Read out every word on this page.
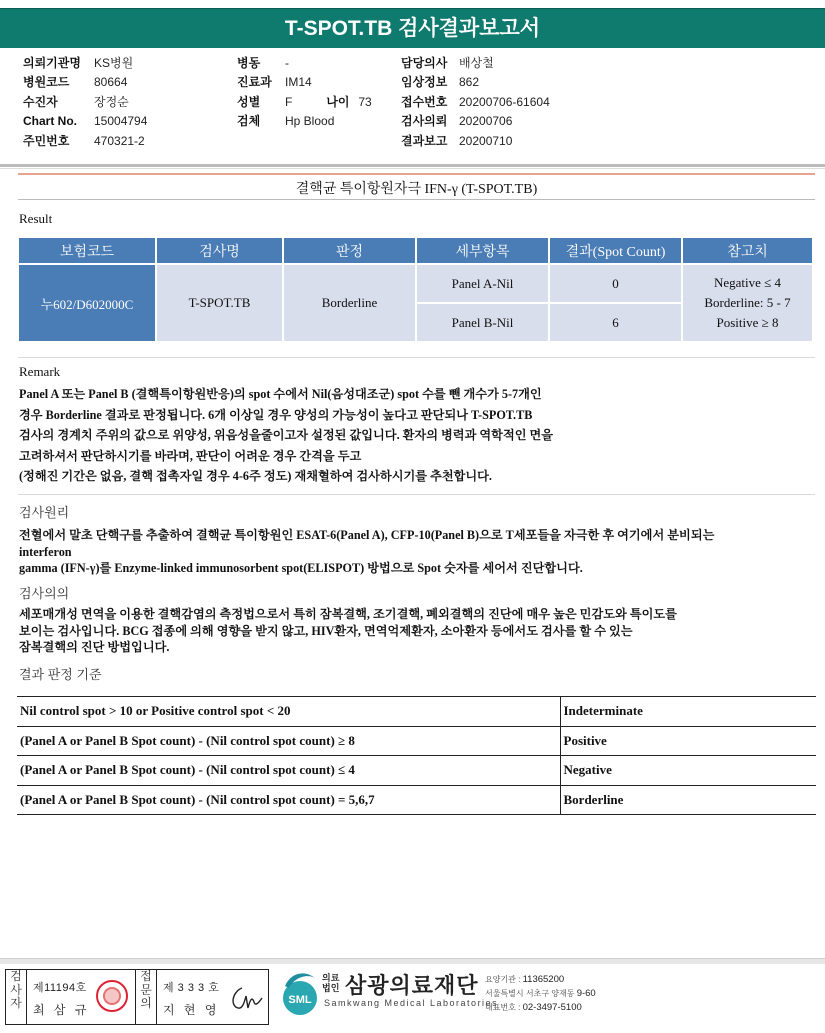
T-SPOT.TB 검사결과보고서
의뢰기관명 KS병원
병원코드 80664
수진자	장정순
Chart No. 15004794
주민번호 470321-2
병동 -
진료과 IM14
성별 F	나이 73
검체 Hp Blood
담당의사 배상철
임상정보 862
접수번호 20200706-61604
검사의뢰 20200706
결과보고 20200710
결핵균 특이항원자극 IFN-γ (T-SPOT.TB)
Result
보험코드	검사명	판정	세부항목	결과(Spot Count)	참고치
누602/D602000C	T-SPOT.TB	Borderline	Panel A-Nil	0	Negative ≤ 4
Borderline: 5 - 7
Positive ≥ 8

			Panel B-Nil	6	
Remark
Panel A 또는 Panel B (결핵특이항원반응)의 spot 수에서 Nil(음성대조군) spot 수를 뺀 개수가 5-7개인
경우 Borderline 결과로 판정됩니다. 6개 이상일 경우 양성의 가능성이 높다고 판단되나 T-SPOT.TB
검사의 경계치 주위의 값으로 위양성, 위음성을줄이고자 설정된 값입니다. 환자의 병력과 역학적인 면을
고려하셔서 판단하시기를 바라며, 판단이 어려운 경우 간격을 두고
(정해진 기간은 없음, 결핵 접촉자일 경우 4-6주 정도) 재채혈하여 검사하시기를 추천합니다.
검사원리
전혈에서 말초 단핵구를 추출하여 결핵균 특이항원인 ESAT-6(Panel A), CFP-10(Panel B)으로 T세포들을 자극한 후 여기에서 분비되는
interferon
gamma (IFN-γ)를 Enzyme-linked immunosorbent spot(ELISPOT) 방법으로 Spot 숫자를 세어서 진단합니다.
검사의의
세포매개성 면역을 이용한 결핵감염의 측정법으로서 특히 잠복결핵, 조기결핵, 폐외결핵의 진단에 매우 높은 민감도와 특이도를
보이는 검사입니다. BCG 접종에 의해 영향을 받지 않고, HIV환자, 면역억제환자, 소아환자 등에서도 검사를 할 수 있는
잠복결핵의 진단 방법입니다.
결과 판정 기준
Nil control spot > 10 or Positive control spot < 20	Indeterminate
(Panel A or Panel B Spot count) - (Nil control spot count) ≥ 8	Positive
(Panel A or Panel B Spot count) - (Nil control spot count) ≤ 4	Negative
(Panel A or Panel B Spot count) - (Nil control spot count) = 5,6,7	Borderline
검
사
자
제11194호
최 삼 규
접
문
의
제 3 3 3 호
지 현 영
SML
의료
법인 삼광의료재단
Samkwang Medical Laboratories
요양기관 : 11365200
서울특별시 서초구 양재동 9-60
대표번호 : 02-3497-5100
